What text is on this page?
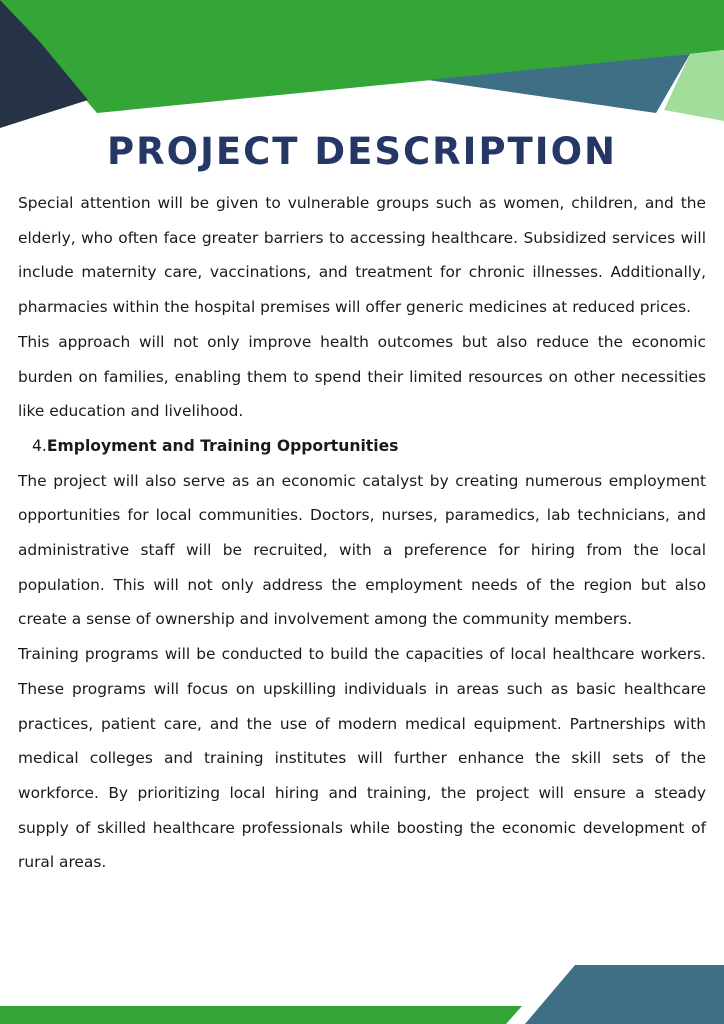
PROJECT DESCRIPTION

Special attention will be given to vulnerable groups such as women, children, and the elderly, who often face greater barriers to accessing healthcare. Subsidized services will include maternity care, vaccinations, and treatment for chronic illnesses. Additionally, pharmacies within the hospital premises will offer generic medicines at reduced prices.

This approach will not only improve health outcomes but also reduce the economic burden on families, enabling them to spend their limited resources on other necessities like education and livelihood.

4.Employment and Training Opportunities

The project will also serve as an economic catalyst by creating numerous employment opportunities for local communities. Doctors, nurses, paramedics, lab technicians, and administrative staff will be recruited, with a preference for hiring from the local population. This will not only address the employment needs of the region but also create a sense of ownership and involvement among the community members.

Training programs will be conducted to build the capacities of local healthcare workers. These programs will focus on upskilling individuals in areas such as basic healthcare practices, patient care, and the use of modern medical equipment. Partnerships with medical colleges and training institutes will further enhance the skill sets of the workforce. By prioritizing local hiring and training, the project will ensure a steady supply of skilled healthcare professionals while boosting the economic development of rural areas.
